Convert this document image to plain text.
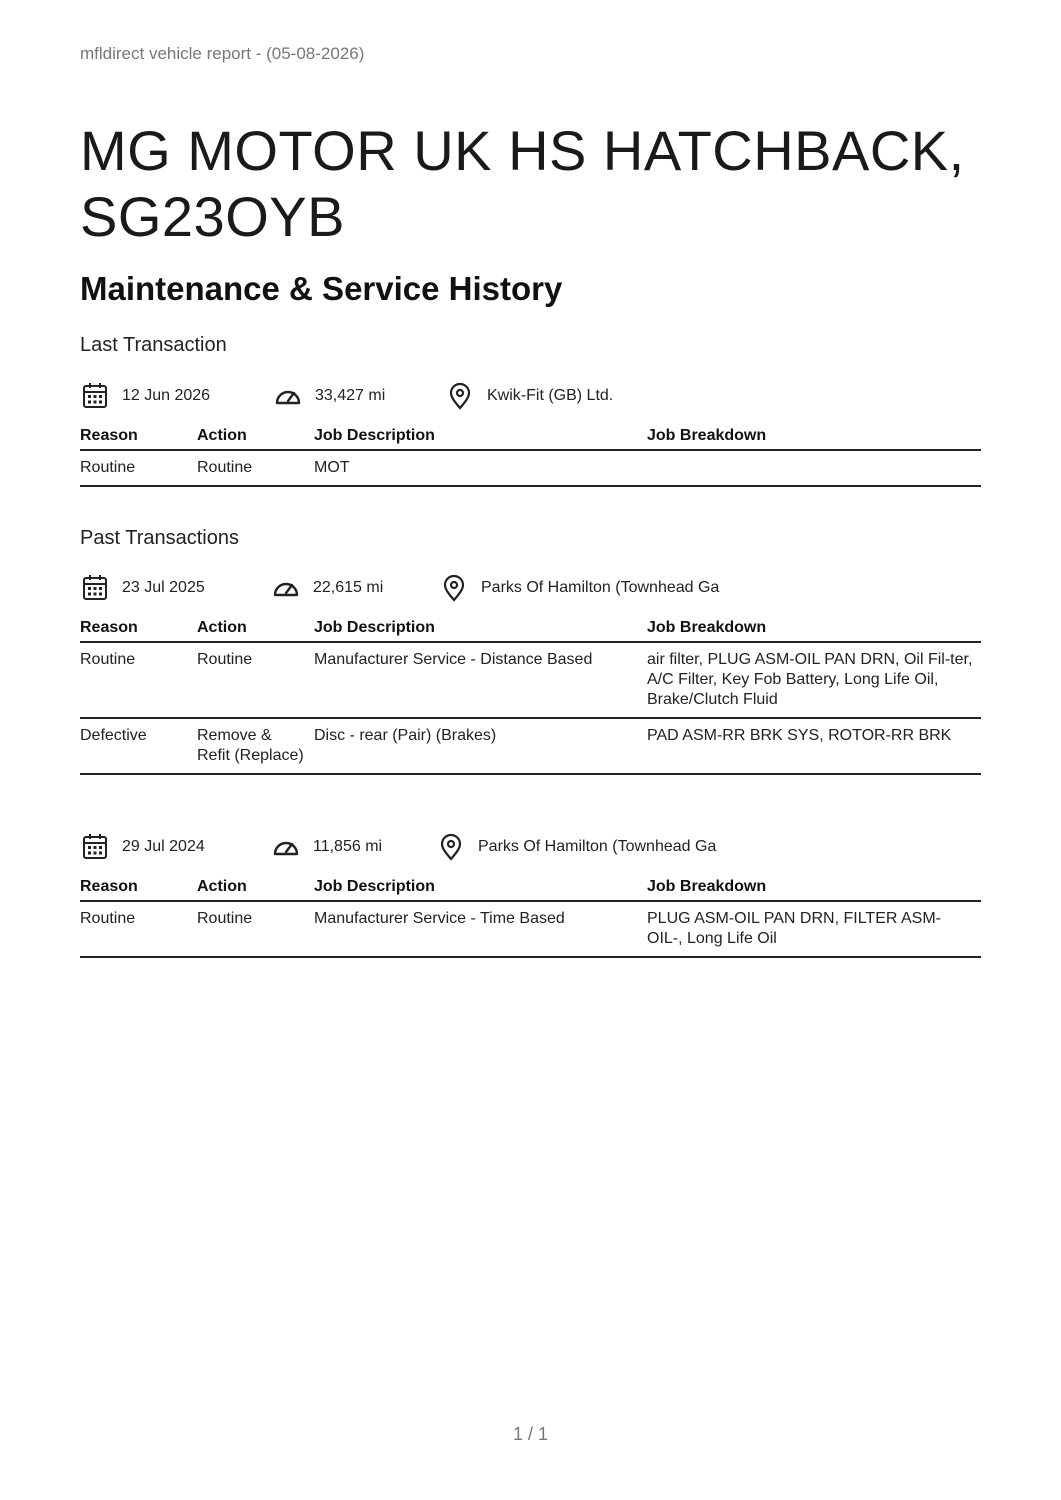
mfldirect vehicle report - (05-08-2026)
MG MOTOR UK HS HATCHBACK,
SG23OYB
Maintenance & Service History
Last Transaction
12 Jun 2026	33,427 mi	Kwik-Fit (GB) Ltd.
Reason	Action	Job Description	Job Breakdown
Routine	Routine	MOT	
Past Transactions
23 Jul 2025	22,615 mi	Parks Of Hamilton (Townhead Ga
Reason	Action	Job Description	Job Breakdown
Routine	Routine	Manufacturer Service - Distance Based	air filter, PLUG ASM-OIL PAN DRN, Oil Fil-ter, A/C Filter, Key Fob Battery, Long Life Oil, Brake/Clutch Fluid
Defective	Remove & Refit (Replace)	Disc - rear (Pair) (Brakes)	PAD ASM-RR BRK SYS, ROTOR-RR BRK
29 Jul 2024	11,856 mi	Parks Of Hamilton (Townhead Ga
Reason	Action	Job Description	Job Breakdown
Routine	Routine	Manufacturer Service - Time Based	PLUG ASM-OIL PAN DRN, FILTER ASM-OIL-, Long Life Oil
1 / 1
